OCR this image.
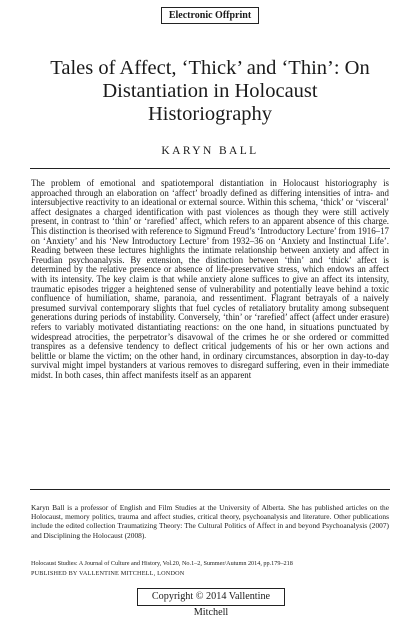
Electronic Offprint
Tales of Affect, ‘Thick’ and ‘Thin’: On Distantiation in Holocaust Historiography
KARYN BALL

The problem of emotional and spatiotemporal distantiation in Holocaust historiography is approached through an elaboration on ‘affect’ broadly defined as differing intensities of intra- and intersubjective reactivity to an ideational or external source. Within this schema, ‘thick’ or ‘visceral’ affect designates a charged identification with past violences as though they were still actively present, in contrast to ‘thin’ or ‘rarefied’ affect, which refers to an apparent absence of this charge. This distinction is theorised with reference to Sigmund Freud’s ‘Introductory Lecture’ from 1916–17 on ‘Anxiety’ and his ‘New Introductory Lecture’ from 1932–36 on ‘Anxiety and Instinctual Life’. Reading between these lectures highlights the intimate relationship between anxiety and affect in Freudian psychoanalysis. By extension, the distinction between ‘thin’ and ‘thick’ affect is determined by the relative presence or absence of life-preservative stress, which endows an affect with its intensity. The key claim is that while anxiety alone suffices to give an affect its intensity, traumatic episodes trigger a heightened sense of vulnerability and potentially leave behind a toxic confluence of humiliation, shame, paranoia, and ressentiment. Flagrant betrayals of a naively presumed survival contemporary slights that fuel cycles of retaliatory brutality among subsequent generations during periods of instability. Conversely, ‘thin’ or ‘rarefied’ affect (affect under erasure) refers to variably motivated distantiating reactions: on the one hand, in situations punctuated by widespread atrocities, the perpetrator’s disavowal of the crimes he or she ordered or committed transpires as a defensive tendency to deflect critical judgements of his or her own actions and belittle or blame the victim; on the other hand, in ordinary circumstances, absorption in day-to-day survival might impel bystanders at various removes to disregard suffering, even in their immediate midst. In both cases, thin affect manifests itself as an apparent

Karyn Ball is a professor of English and Film Studies at the University of Alberta. She has published articles on the Holocaust, memory politics, trauma and affect studies, critical theory, psychoanalysis and literature. Other publications include the edited collection Traumatizing Theory: The Cultural Politics of Affect in and beyond Psychoanalysis (2007) and Disciplining the Holocaust (2008).

Holocaust Studies: A Journal of Culture and History, Vol.20, No.1–2, Summer/Autumn 2014, pp.179–218
PUBLISHED BY VALLENTINE MITCHELL, LONDON
Copyright © 2014 Vallentine Mitchell
